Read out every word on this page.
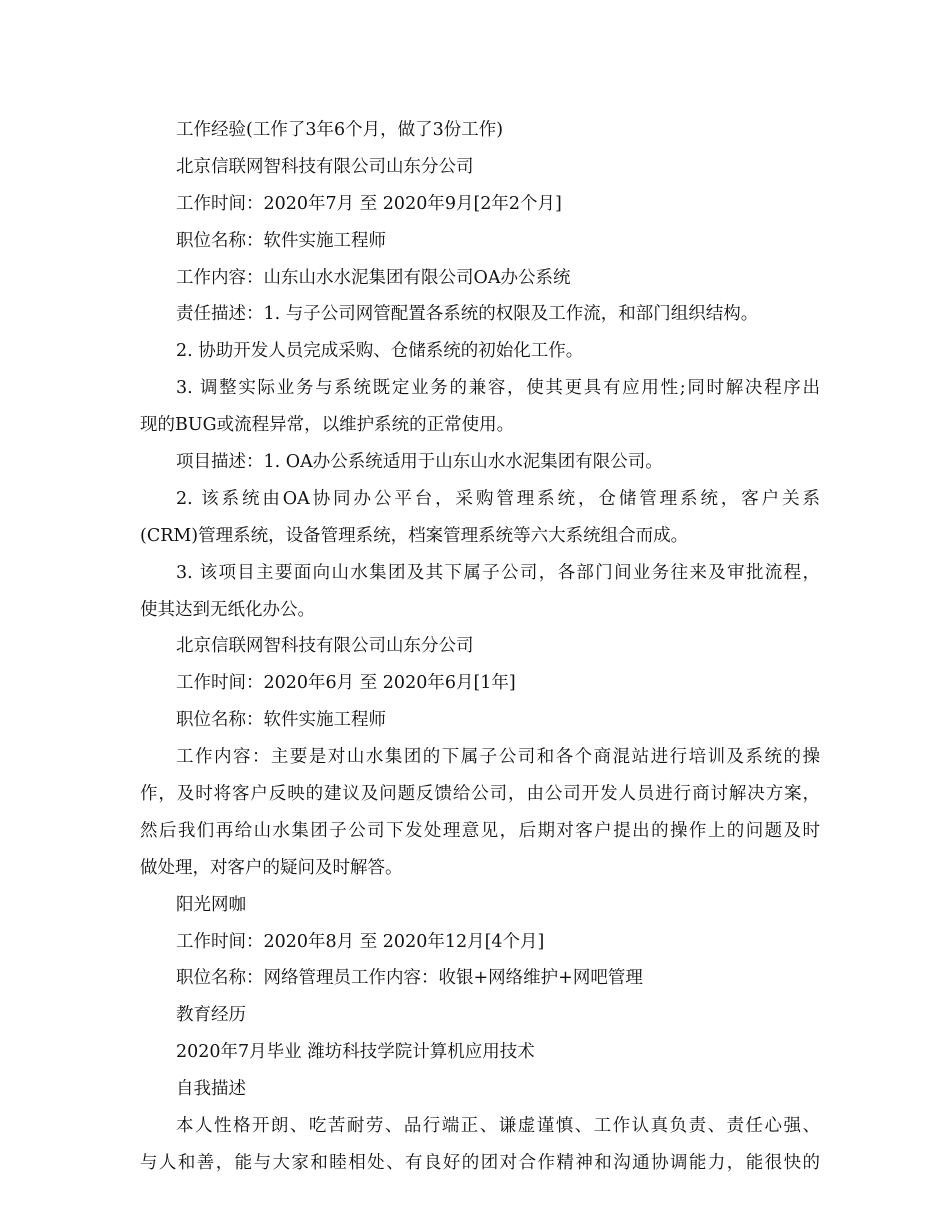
工作经验(工作了3年6个月，做了3份工作)
北京信联网智科技有限公司山东分公司
工作时间：2020年7月 至 2020年9月[2年2个月]
职位名称：软件实施工程师
工作内容：山东山水水泥集团有限公司OA办公系统
责任描述：1. 与子公司网管配置各系统的权限及工作流，和部门组织结构。
2. 协助开发人员完成采购、仓储系统的初始化工作。
3. 调整实际业务与系统既定业务的兼容，使其更具有应用性;同时解决程序出
现的BUG或流程异常，以维护系统的正常使用。
项目描述：1. OA办公系统适用于山东山水水泥集团有限公司。
2. 该系统由OA协同办公平台，采购管理系统，仓储管理系统，客户关系
(CRM)管理系统，设备管理系统，档案管理系统等六大系统组合而成。
3. 该项目主要面向山水集团及其下属子公司，各部门间业务往来及审批流程，
使其达到无纸化办公。
北京信联网智科技有限公司山东分公司
工作时间：2020年6月 至 2020年6月[1年]
职位名称：软件实施工程师
工作内容：主要是对山水集团的下属子公司和各个商混站进行培训及系统的操
作，及时将客户反映的建议及问题反馈给公司，由公司开发人员进行商讨解决方案，
然后我们再给山水集团子公司下发处理意见，后期对客户提出的操作上的问题及时
做处理，对客户的疑问及时解答。
阳光网咖
工作时间：2020年8月 至 2020年12月[4个月]
职位名称：网络管理员工作内容：收银+网络维护+网吧管理
教育经历
2020年7月毕业 潍坊科技学院计算机应用技术
自我描述
本人性格开朗、吃苦耐劳、品行端正、谦虚谨慎、工作认真负责、责任心强、
与人和善，能与大家和睦相处、有良好的团对合作精神和沟通协调能力，能很快的
